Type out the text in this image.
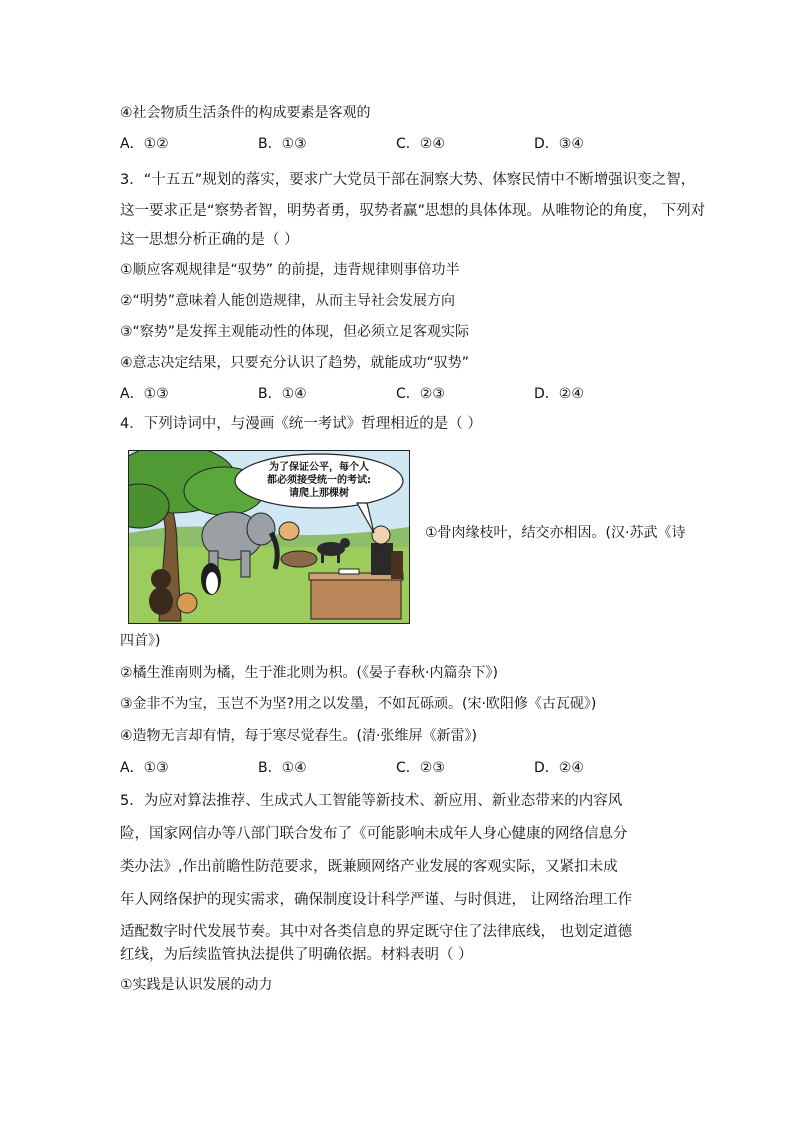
④社会物质生活条件的构成要素是客观的
A．①②	B．①③	C．②④	D．③④
3．“十五五”规划的落实，要求广大党员干部在洞察大势、体察民情中不断增强识变之智，
这一要求正是“察势者智，明势者勇，驭势者赢”思想的具体体现。从唯物论的角度， 下列对
这一思想分析正确的是（ ）
①顺应客观规律是“驭势” 的前提，违背规律则事倍功半
②“明势”意味着人能创造规律，从而主导社会发展方向
③“察势”是发挥主观能动性的体现，但必须立足客观实际
④意志决定结果，只要充分认识了趋势，就能成功“驭势”
A．①③	B．①④	C．②③	D．②④
4．下列诗词中，与漫画《统一考试》哲理相近的是（ ）
为了保证公平，每个人
都必须接受统一的考试:
请爬上那棵树
①骨肉缘枝叶，结交亦相因。(汉·苏武《诗
四首》)
②橘生淮南则为橘，生于淮北则为枳。(《晏子春秋·内篇杂下》)
③金非不为宝，玉岂不为坚?用之以发墨，不如瓦砾顽。(宋·欧阳修《古瓦砚》)
④造物无言却有情，每于寒尽觉春生。(清·张维屏《新雷》)
A．①③	B．①④	C．②③	D．②④
5．为应对算法推荐、生成式人工智能等新技术、新应用、新业态带来的内容风
险，国家网信办等八部门联合发布了《可能影响未成年人身心健康的网络信息分
类办法》,作出前瞻性防范要求，既兼顾网络产业发展的客观实际，又紧扣未成
年人网络保护的现实需求，确保制度设计科学严谨、与时俱进， 让网络治理工作
适配数字时代发展节奏。其中对各类信息的界定既守住了法律底线， 也划定道德
红线，为后续监管执法提供了明确依据。材料表明（ ）
①实践是认识发展的动力
